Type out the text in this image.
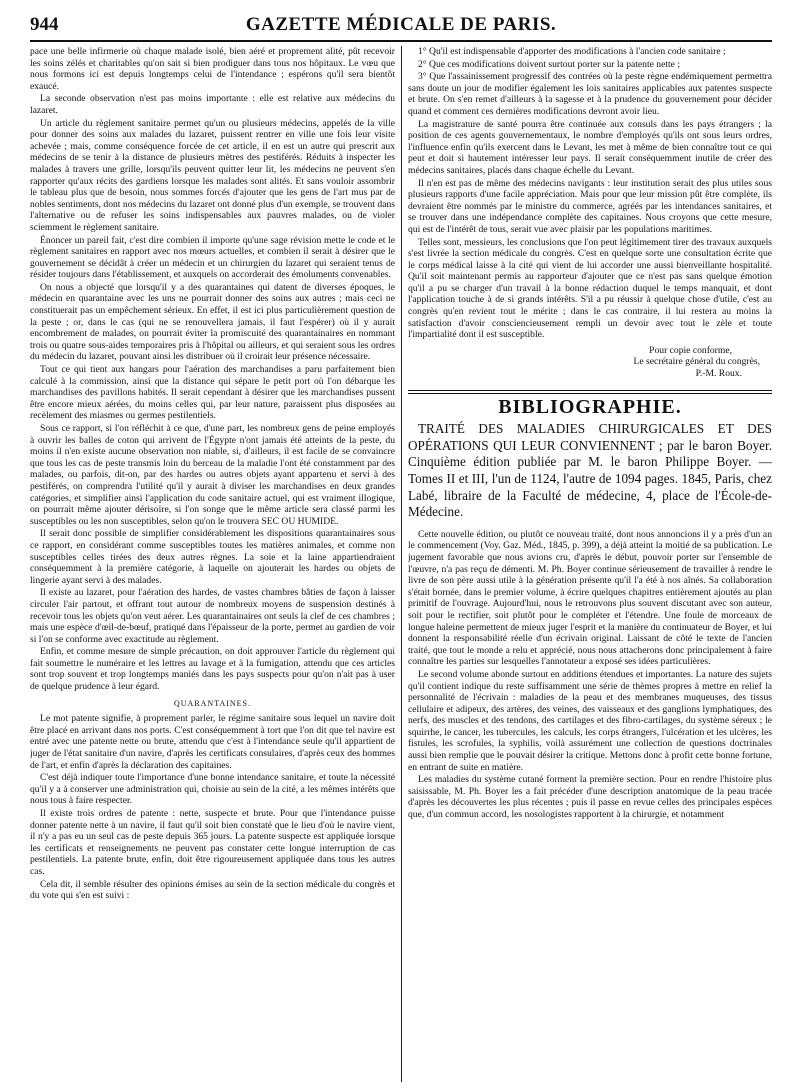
944	GAZETTE MÉDICALE DE PARIS.

pace une belle infirmerie où chaque malade isolé, bien aéré et proprement alité, pût recevoir les soins zélés et charitables qu'on sait si bien prodiguer dans tous nos hôpitaux. Le vœu que nous formons ici est depuis longtemps celui de l'intendance ; espérons qu'il sera bientôt exaucé.

La seconde observation n'est pas moins importante : elle est relative aux médecins du lazaret.

Un article du règlement sanitaire permet qu'un ou plusieurs médecins, appelés de la ville pour donner des soins aux malades du lazaret, puissent rentrer en ville une fois leur visite achevée ; mais, comme conséquence forcée de cet article, il en est un autre qui prescrit aux médecins de se tenir à la distance de plusieurs mètres des pestiférés. Réduits à inspecter les malades à travers une grille, lorsqu'ils peuvent quitter leur lit, les médecins ne peuvent s'en rapporter qu'aux récits des gardiens lorsque les malades sont alités. Et sans vouloir assombrir le tableau plus que de besoin, nous sommes forcés d'ajouter que les gens de l'art mus par de nobles sentiments, dont nos médecins du lazaret ont donné plus d'un exemple, se trouvent dans l'alternative ou de refuser les soins indispensables aux pauvres malades, ou de violer sciemment le règlement sanitaire.

Énoncer un pareil fait, c'est dire combien il importe qu'une sage révision mette le code et le règlement sanitaires en rapport avec nos mœurs actuelles, et combien il serait à désirer que le gouvernement se décidât à créer un médecin et un chirurgien du lazaret qui seraient tenus de résider toujours dans l'établissement, et auxquels on accorderait des émoluments convenables.

On nous a objecté que lorsqu'il y a des quarantaines qui datent de diverses époques, le médecin en quarantaine avec les uns ne pourrait donner des soins aux autres ; mais ceci ne constituerait pas un empêchement sérieux. En effet, il est ici plus particulièrement question de la peste ; or, dans le cas (qui ne se renouvellera jamais, il faut l'espérer) où il y aurait encombrement de malades, on pourrait éviter la promiscuité des quarantainaires en nommant trois ou quatre sous-aides temporaires pris à l'hôpital ou ailleurs, et qui seraient sous les ordres du médecin du lazaret, pouvant ainsi les distribuer où il croirait leur présence nécessaire.

Tout ce qui tient aux hangars pour l'aération des marchandises a paru parfaitement bien calculé à la commission, ainsi que la distance qui sépare le petit port où l'on débarque les marchandises des pavillons habités. Il serait cependant à désirer que les marchandises pussent être encore mieux aérées, du moins celles qui, par leur nature, paraissent plus disposées au recèlement des miasmes ou germes pestilentiels.

Sous ce rapport, si l'on réfléchit à ce que, d'une part, les nombreux gens de peine employés à ouvrir les balles de coton qui arrivent de l'Égypte n'ont jamais été atteints de la peste, du moins il n'en existe aucune observation non niable, si, d'ailleurs, il est facile de se convaincre que tous les cas de peste transmis loin du berceau de la maladie l'ont été constamment par des malades, ou parfois, dit-on, par des hardes ou autres objets ayant appartenu et servi à des pestiférés, on comprendra l'utilité qu'il y aurait à diviser les marchandises en deux grandes catégories, et simplifier ainsi l'application du code sanitaire actuel, qui est vraiment illogique, on pourrait même ajouter dérisoire, si l'on songe que le même article sera classé parmi les susceptibles ou les non susceptibles, selon qu'on le trouvera SEC OU HUMIDE.

Il serait donc possible de simplifier considérablement les dispositions quarantainaires sous ce rapport, en considérant comme susceptibles toutes les matières animales, et comme non susceptibles celles tirées des deux autres règnes. La soie et la laine appartiendraient conséquemment à la première catégorie, à laquelle on ajouterait les hardes ou objets de lingerie ayant servi à des malades.

Il existe au lazaret, pour l'aération des hardes, de vastes chambres bâties de façon à laisser circuler l'air partout, et offrant tout autour de nombreux moyens de suspension destinés à recevoir tous les objets qu'on veut aérer. Les quarantainaires ont seuls la clef de ces chambres ; mais une espèce d'œil-de-bœuf, pratiqué dans l'épaisseur de la porte, permet au gardien de voir si l'on se conforme avec exactitude au règlement.

Enfin, et comme mesure de simple précaution, on doit approuver l'article du règlement qui fait soumettre le numéraire et les lettres au lavage et à la fumigation, attendu que ces articles sont trop souvent et trop longtemps maniés dans les pays suspects pour qu'on n'ait pas à user de quelque prudence à leur égard.

QUARANTAINES.

Le mot patente signifie, à proprement parler, le régime sanitaire sous lequel un navire doit être placé en arrivant dans nos ports. C'est conséquemment à tort que l'on dit que tel navire est entré avec une patente nette ou brute, attendu que c'est à l'intendance seule qu'il appartient de juger de l'état sanitaire d'un navire, d'après les certificats consulaires, d'après ceux des hommes de l'art, et enfin d'après la déclaration des capitaines.

C'est déjà indiquer toute l'importance d'une bonne intendance sanitaire, et toute la nécessité qu'il y a à conserver une administration qui, choisie au sein de la cité, a les mêmes intérêts que nous tous à faire respecter.

Il existe trois ordres de patente : nette, suspecte et brute. Pour que l'intendance puisse donner patente nette à un navire, il faut qu'il soit bien constaté que le lieu d'où le navire vient, il n'y a pas eu un seul cas de peste depuis 365 jours. La patente suspecte est appliquée lorsque les certificats et renseignements ne peuvent pas constater cette longue interruption de cas pestilentiels. La patente brute, enfin, doit être rigoureusement appliquée dans tous les autres cas.

Cela dit, il semble résulter des opinions émises au sein de la section médicale du congrès et du vote qui s'en est suivi :

1° Qu'il est indispensable d'apporter des modifications à l'ancien code sanitaire ;

2° Que ces modifications doivent surtout porter sur la patente nette ;

3° Que l'assainissement progressif des contrées où la peste règne endémiquement permettra sans doute un jour de modifier également les lois sanitaires applicables aux patentes suspecte et brute. On s'en remet d'ailleurs à la sagesse et à la prudence du gouvernement pour décider quand et comment ces dernières modifications devront avoir lieu.

La magistrature de santé pourra être continuée aux consuls dans les pays étrangers ; la position de ces agents gouvernementaux, le nombre d'employés qu'ils ont sous leurs ordres, l'influence enfin qu'ils exercent dans le Levant, les met à même de bien connaître tout ce qui peut et doit si hautement intéresser leur pays. Il serait conséquemment inutile de créer des médecins sanitaires, placés dans chaque échelle du Levant.

Il n'en est pas de même des médecins navigants : leur institution serait des plus utiles sous plusieurs rapports d'une facile appréciation. Mais pour que leur mission pût être complète, ils devraient être nommés par le ministre du commerce, agréés par les intendances sanitaires, et se trouver dans une indépendance complète des capitaines. Nous croyons que cette mesure, qui est de l'intérêt de tous, serait vue avec plaisir par les populations maritimes.

Telles sont, messieurs, les conclusions que l'on peut légitimement tirer des travaux auxquels s'est livrée la section médicale du congrès. C'est en quelque sorte une consultation écrite que le corps médical laisse à la cité qui vient de lui accorder une aussi bienveillante hospitalité. Qu'il soit maintenant permis au rapporteur d'ajouter que ce n'est pas sans quelque émotion qu'il a pu se charger d'un travail à la bonne rédaction duquel le temps manquait, et dont l'application touche à de si grands intérêts. S'il a pu réussir à quelque chose d'utile, c'est au congrès qu'en revient tout le mérite ; dans le cas contraire, il lui restera au moins la satisfaction d'avoir consciencieusement rempli un devoir avec tout le zèle et toute l'impartialité dont il est susceptible.

Pour copie conforme,
Le secrétaire général du congrès,
P.-M. Roux.
BIBLIOGRAPHIE.
TRAITÉ DES MALADIES CHIRURGICALES ET DES OPÉRATIONS QUI LEUR CONVIENNENT ; par le baron Boyer. Cinquième édition publiée par M. le baron Philippe Boyer. — Tomes II et III, l'un de 1124, l'autre de 1094 pages. 1845, Paris, chez Labé, libraire de la Faculté de médecine, 4, place de l'École-de-Médecine.

Cette nouvelle édition, ou plutôt ce nouveau traité, dont nous annoncions il y a près d'un an le commencement (Voy. Gaz. Méd., 1845, p. 399), a déjà atteint la moitié de sa publication. Le jugement favorable que nous avions cru, d'après le début, pouvoir porter sur l'ensemble de l'œuvre, n'a pas reçu de démenti. M. Ph. Boyer continue sérieusement de travailler à rendre le livre de son père aussi utile à la génération présente qu'il l'a été à nos aînés. Sa collaboration s'était bornée, dans le premier volume, à écrire quelques chapitres entièrement ajoutés au plan primitif de l'ouvrage. Aujourd'hui, nous le retrouvons plus souvent discutant avec son auteur, soit pour le rectifier, soit plutôt pour le compléter et l'étendre. Une foule de morceaux de longue haleine permettent de mieux juger l'esprit et la manière du continuateur de Boyer, et lui donnent la responsabilité réelle d'un écrivain original. Laissant de côté le texte de l'ancien traité, que tout le monde a relu et apprécié, nous nous attacherons donc principalement à faire connaître les parties sur lesquelles l'annotateur a exposé ses idées particulières.

Le second volume abonde surtout en additions étendues et importantes. La nature des sujets qu'il contient indique du reste suffisamment une série de thèmes propres à mettre en relief la personnalité de l'écrivain : maladies de la peau et des membranes muqueuses, des tissus cellulaire et adipeux, des artères, des veines, des vaisseaux et des ganglions lymphatiques, des nerfs, des muscles et des tendons, des cartilages et des fibro-cartilages, du système séreux ; le squirrhe, le cancer, les tubercules, les calculs, les corps étrangers, l'ulcération et les ulcères, les fistules, les scrofules, la syphilis, voilà assurément une collection de questions doctrinales aussi bien remplie que le pouvait désirer la critique. Mettons donc à profit cette bonne fortune, en entrant de suite en matière.

Les maladies du système cutané forment la première section. Pour en rendre l'histoire plus saisissable, M. Ph. Boyer les a fait précéder d'une description anatomique de la peau tracée d'après les découvertes les plus récentes ; puis il passe en revue celles des principales espèces que, d'un commun accord, les nosologistes rapportent à la chirurgie, et notamment
